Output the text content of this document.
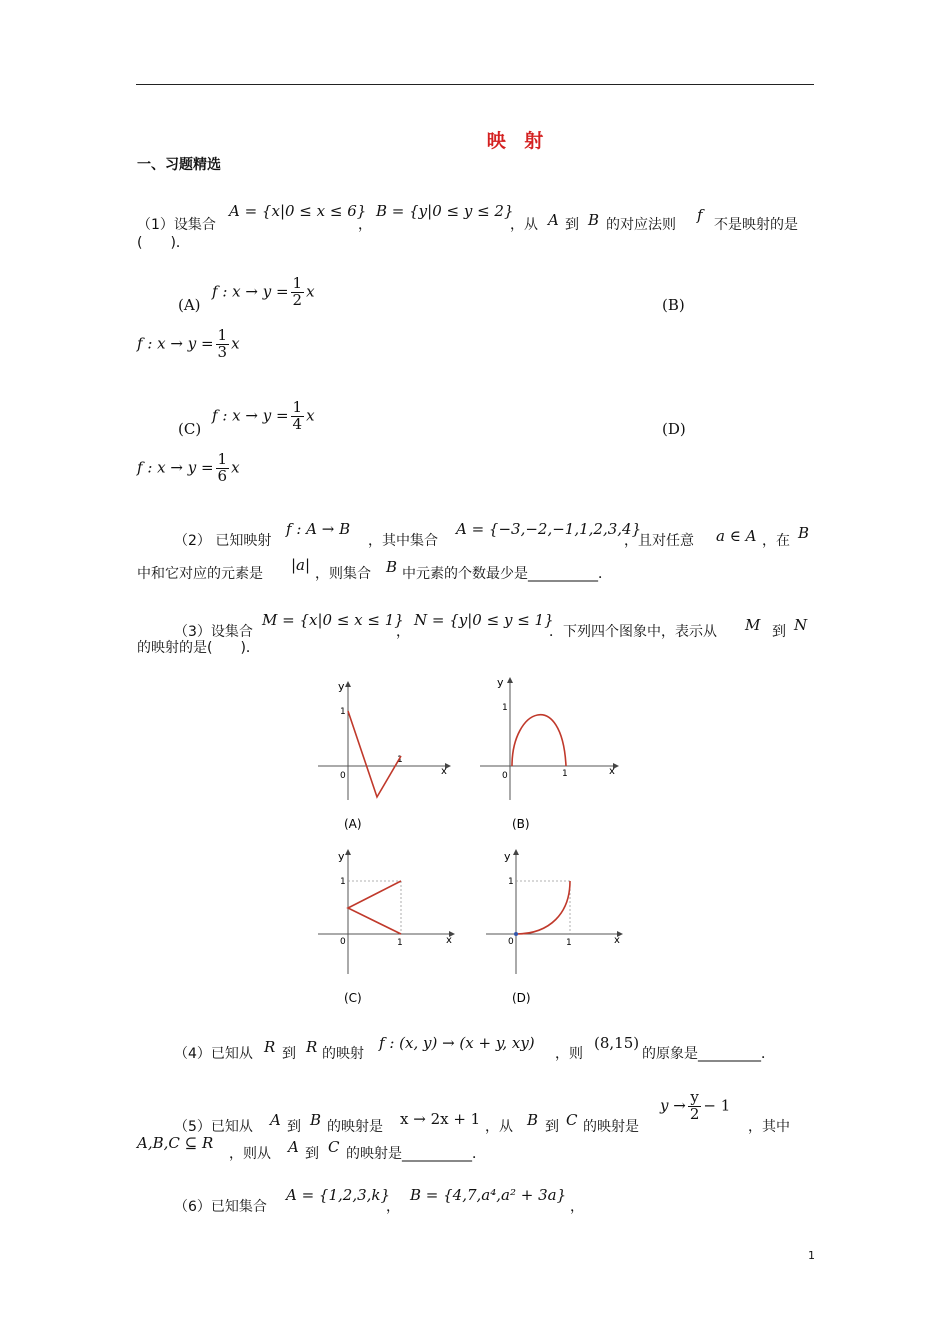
映 射
一、习题精选
（1）设集合
A = {x|0 ≤ x ≤ 6}
，
B = {y|0 ≤ y ≤ 2}
，从 A 到 B 的对应法则
f
不是映射的是
(　　)．
(A)
f : $x \to y = \frac{1}{2}$ x
(B)
f : $x \to y = \frac{1}{3}$ x
(C)
f : $x \to y = \frac{1}{4}$ x
(D)
f : $x \to y = \frac{1}{6}$ x
（2） 已知映射
f : A → B
，其中集合
A = {−3,−2,−1,1,2,3,4}
，且对任意 a ∈ A ，在 B
中和它对应的元素是 |a| ，则集合 B 中元素的个数最少是__________．
（3）设集合
M = {x|0 ≤ x ≤ 1}
，
N = {y|0 ≤ y ≤ 1}
．下列四个图象中，表示从 M 到 N
的映射的是(　　)．
y
x
0
1
1
(A)
y
x
0
1
1
(B)
y
x
0
1
1
(C)
y
x
0
1
1
(D)
（4）已知从 R 到 R 的映射
f : (x, y) → (x + y, xy)
，则
(8,15)
的原象是_________．
（5）已知从 A 到 B 的映射是 x → 2x + 1 ，从 B 到 C 的映射是
$y \to \frac{y}{2} - 1$
，其中
A,B,C ⊆ R
，则从 A 到 C 的映射是__________．
（6）已知集合
A = {1,2,3,k}
，
B = {4,7,a⁴,a² + 3a}
，
1
